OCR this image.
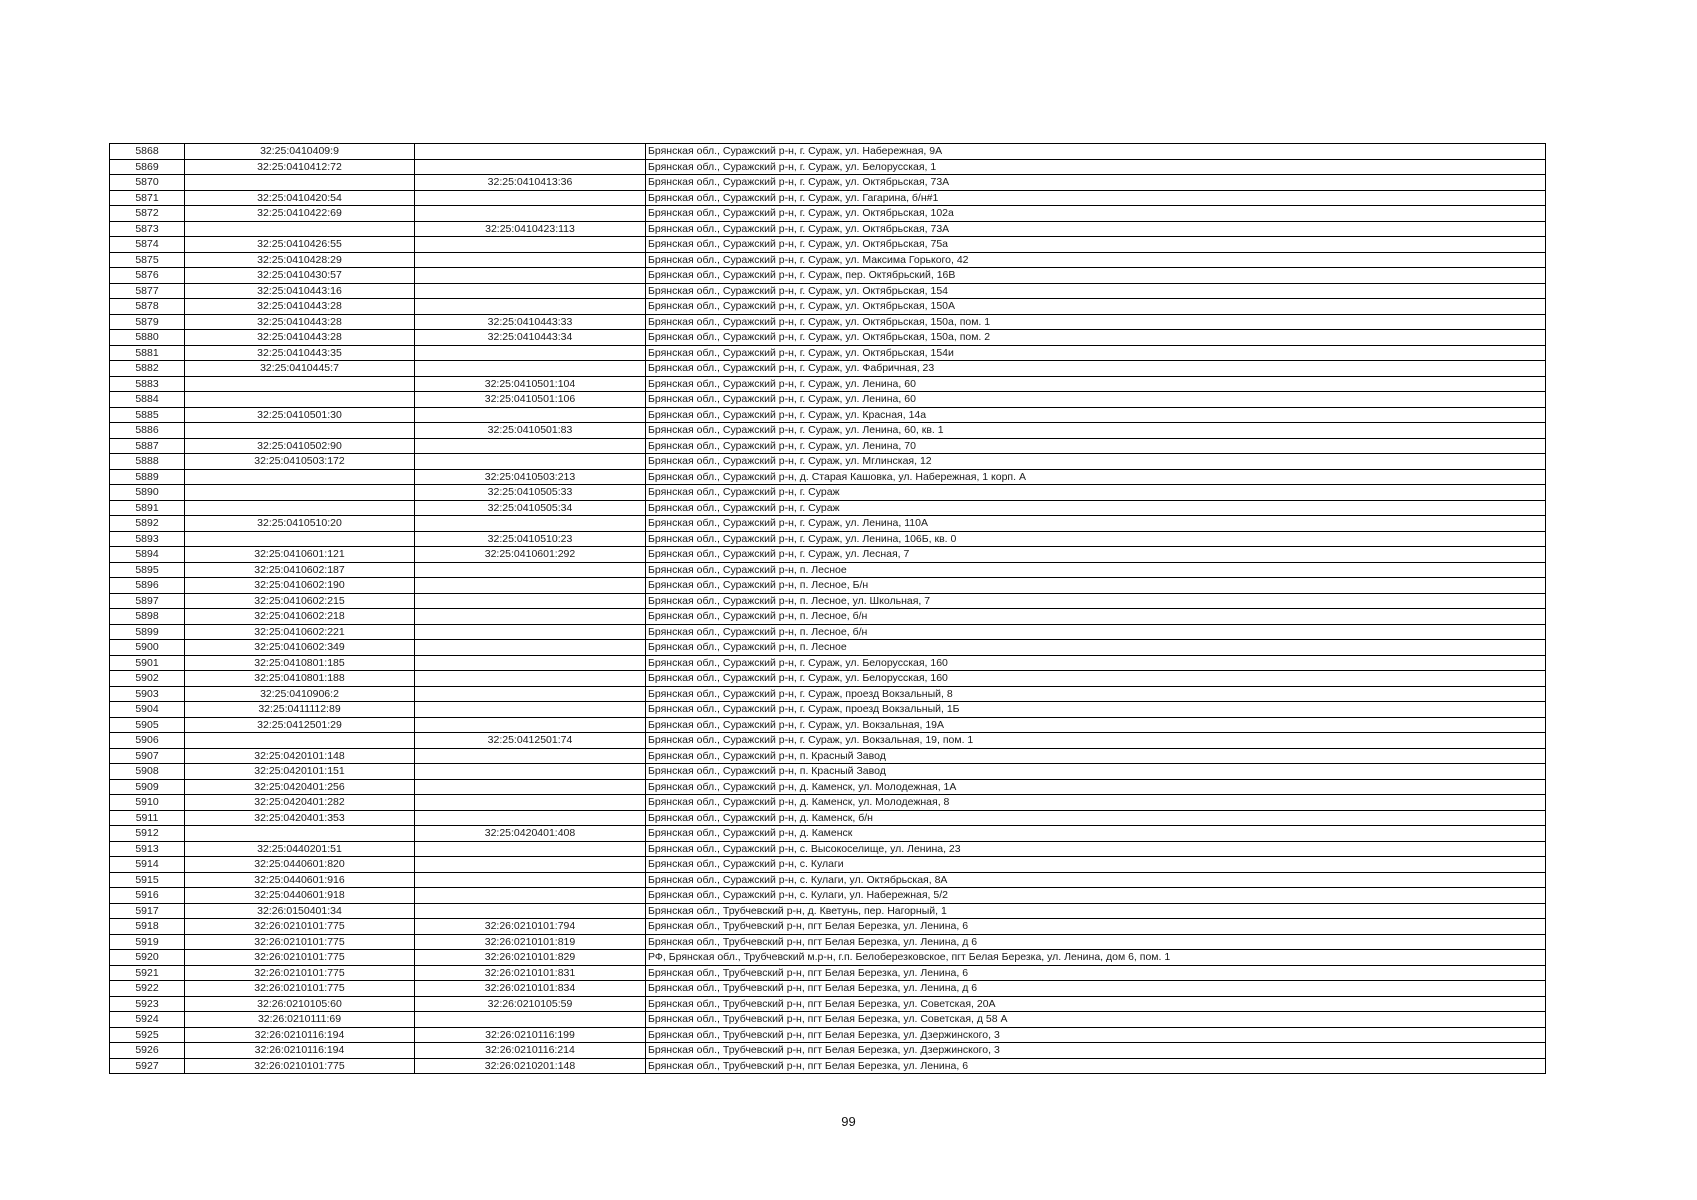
5868	32:25:0410409:9		Брянская обл., Суражский р-н, г. Сураж, ул. Набережная, 9А
5869	32:25:0410412:72		Брянская обл., Суражский р-н, г. Сураж, ул. Белорусская, 1
5870		32:25:0410413:36	Брянская обл., Суражский р-н, г. Сураж, ул. Октябрьская, 73А
5871	32:25:0410420:54		Брянская обл., Суражский р-н, г. Сураж, ул. Гагарина, б/н#1
5872	32:25:0410422:69		Брянская обл., Суражский р-н, г. Сураж, ул. Октябрьская, 102а
5873		32:25:0410423:113	Брянская обл., Суражский р-н, г. Сураж, ул. Октябрьская, 73А
5874	32:25:0410426:55		Брянская обл., Суражский р-н, г. Сураж, ул. Октябрьская, 75а
5875	32:25:0410428:29		Брянская обл., Суражский р-н, г. Сураж, ул. Максима Горького, 42
5876	32:25:0410430:57		Брянская обл., Суражский р-н, г. Сураж, пер. Октябрьский, 16В
5877	32:25:0410443:16		Брянская обл., Суражский р-н, г. Сураж, ул. Октябрьская, 154
5878	32:25:0410443:28		Брянская обл., Суражский р-н, г. Сураж, ул. Октябрьская, 150А
5879	32:25:0410443:28	32:25:0410443:33	Брянская обл., Суражский р-н, г. Сураж, ул. Октябрьская, 150а, пом. 1
5880	32:25:0410443:28	32:25:0410443:34	Брянская обл., Суражский р-н, г. Сураж, ул. Октябрьская, 150а, пом. 2
5881	32:25:0410443:35		Брянская обл., Суражский р-н, г. Сураж, ул. Октябрьская, 154и
5882	32:25:0410445:7		Брянская обл., Суражский р-н, г. Сураж, ул. Фабричная, 23
5883		32:25:0410501:104	Брянская обл., Суражский р-н, г. Сураж, ул. Ленина, 60
5884		32:25:0410501:106	Брянская обл., Суражский р-н, г. Сураж, ул. Ленина, 60
5885	32:25:0410501:30		Брянская обл., Суражский р-н, г. Сураж, ул. Красная, 14а
5886		32:25:0410501:83	Брянская обл., Суражский р-н, г. Сураж, ул. Ленина, 60, кв. 1
5887	32:25:0410502:90		Брянская обл., Суражский р-н, г. Сураж, ул. Ленина, 70
5888	32:25:0410503:172		Брянская обл., Суражский р-н, г. Сураж, ул. Мглинская, 12
5889		32:25:0410503:213	Брянская обл., Суражский р-н, д. Старая Кашовка, ул. Набережная, 1 корп. А
5890		32:25:0410505:33	Брянская обл., Суражский р-н, г. Сураж
5891		32:25:0410505:34	Брянская обл., Суражский р-н, г. Сураж
5892	32:25:0410510:20		Брянская обл., Суражский р-н, г. Сураж, ул. Ленина, 110А
5893		32:25:0410510:23	Брянская обл., Суражский р-н, г. Сураж, ул. Ленина, 106Б, кв. 0
5894	32:25:0410601:121	32:25:0410601:292	Брянская обл., Суражский р-н, г. Сураж, ул. Лесная, 7
5895	32:25:0410602:187		Брянская обл., Суражский р-н, п. Лесное
5896	32:25:0410602:190		Брянская обл., Суражский р-н, п. Лесное, Б/н
5897	32:25:0410602:215		Брянская обл., Суражский р-н, п. Лесное, ул. Школьная, 7
5898	32:25:0410602:218		Брянская обл., Суражский р-н, п. Лесное, б/н
5899	32:25:0410602:221		Брянская обл., Суражский р-н, п. Лесное, б/н
5900	32:25:0410602:349		Брянская обл., Суражский р-н, п. Лесное
5901	32:25:0410801:185		Брянская обл., Суражский р-н, г. Сураж, ул. Белорусская, 160
5902	32:25:0410801:188		Брянская обл., Суражский р-н, г. Сураж, ул. Белорусская, 160
5903	32:25:0410906:2		Брянская обл., Суражский р-н, г. Сураж, проезд Вокзальный, 8
5904	32:25:0411112:89		Брянская обл., Суражский р-н, г. Сураж, проезд Вокзальный, 1Б
5905	32:25:0412501:29		Брянская обл., Суражский р-н, г. Сураж, ул. Вокзальная, 19А
5906		32:25:0412501:74	Брянская обл., Суражский р-н, г. Сураж, ул. Вокзальная, 19, пом. 1
5907	32:25:0420101:148		Брянская обл., Суражский р-н, п. Красный Завод
5908	32:25:0420101:151		Брянская обл., Суражский р-н, п. Красный Завод
5909	32:25:0420401:256		Брянская обл., Суражский р-н, д. Каменск, ул. Молодежная, 1А
5910	32:25:0420401:282		Брянская обл., Суражский р-н, д. Каменск, ул. Молодежная, 8
5911	32:25:0420401:353		Брянская обл., Суражский р-н, д. Каменск, б/н
5912		32:25:0420401:408	Брянская обл., Суражский р-н, д. Каменск
5913	32:25:0440201:51		Брянская обл., Суражский р-н, с. Высокоселище, ул. Ленина, 23
5914	32:25:0440601:820		Брянская обл., Суражский р-н, с. Кулаги
5915	32:25:0440601:916		Брянская обл., Суражский р-н, с. Кулаги, ул. Октябрьская, 8А
5916	32:25:0440601:918		Брянская обл., Суражский р-н, с. Кулаги, ул. Набережная, 5/2
5917	32:26:0150401:34		Брянская обл., Трубчевский р-н, д. Кветунь, пер. Нагорный, 1
5918	32:26:0210101:775	32:26:0210101:794	Брянская обл., Трубчевский р-н, пгт Белая Березка, ул. Ленина, 6
5919	32:26:0210101:775	32:26:0210101:819	Брянская обл., Трубчевский р-н, пгт Белая Березка, ул. Ленина, д 6
5920	32:26:0210101:775	32:26:0210101:829	РФ, Брянская обл., Трубчевский м.р-н, г.п. Белоберезковское, пгт Белая Березка, ул. Ленина, дом 6, пом. 1
5921	32:26:0210101:775	32:26:0210101:831	Брянская обл., Трубчевский р-н, пгт Белая Березка, ул. Ленина, 6
5922	32:26:0210101:775	32:26:0210101:834	Брянская обл., Трубчевский р-н, пгт Белая Березка, ул. Ленина, д 6
5923	32:26:0210105:60	32:26:0210105:59	Брянская обл., Трубчевский р-н, пгт Белая Березка, ул. Советская, 20А
5924	32:26:0210111:69		Брянская обл., Трубчевский р-н, пгт Белая Березка, ул. Советская, д 58 А
5925	32:26:0210116:194	32:26:0210116:199	Брянская обл., Трубчевский р-н, пгт Белая Березка, ул. Дзержинского, 3
5926	32:26:0210116:194	32:26:0210116:214	Брянская обл., Трубчевский р-н, пгт Белая Березка, ул. Дзержинского, 3
5927	32:26:0210101:775	32:26:0210201:148	Брянская обл., Трубчевский р-н, пгт Белая Березка, ул. Ленина, 6
99
